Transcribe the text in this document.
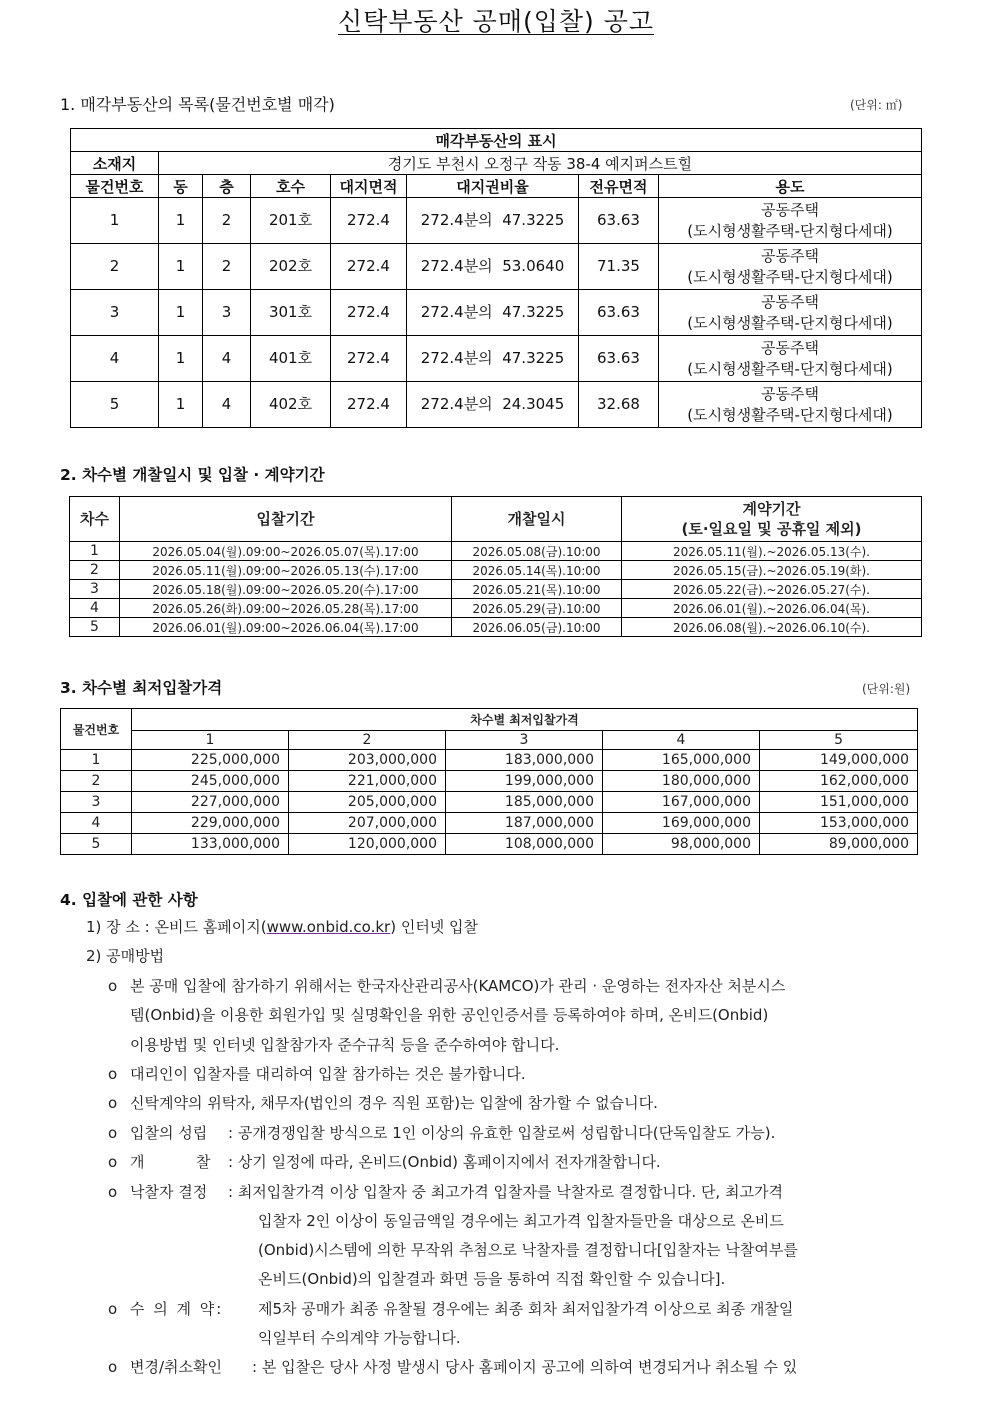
신탁부동산 공매(입찰) 공고
1. 매각부동산의 목록(물건번호별 매각)	(단위: ㎡)
매각부동산의 표시							
소재지	경기도 부천시 오정구 작동 38-4 예지퍼스트힐						
물건번호	동	층	호수	대지면적	대지권비율	전유면적	용도
1	1	2	201호	272.4	272.4분의  47.3225	63.63	공동주택
(도시형생활주택-단지형다세대)

2	1	2	202호	272.4	272.4분의  53.0640	71.35	공동주택
(도시형생활주택-단지형다세대)

3	1	3	301호	272.4	272.4분의  47.3225	63.63	공동주택
(도시형생활주택-단지형다세대)

4	1	4	401호	272.4	272.4분의  47.3225	63.63	공동주택
(도시형생활주택-단지형다세대)

5	1	4	402호	272.4	272.4분의  24.3045	32.68	공동주택
(도시형생활주택-단지형다세대)
2. 차수별 개찰일시 및 입찰 · 계약기간
차수	입찰기간	개찰일시	계약기간
(토·일요일 및 공휴일 제외)

1	2026.05.04(월).09:00~2026.05.07(목).17:00	2026.05.08(금).10:00	2026.05.11(월).~2026.05.13(수).
2	2026.05.11(월).09:00~2026.05.13(수).17:00	2026.05.14(목).10:00	2026.05.15(금).~2026.05.19(화).
3	2026.05.18(월).09:00~2026.05.20(수).17:00	2026.05.21(목).10:00	2026.05.22(금).~2026.05.27(수).
4	2026.05.26(화).09:00~2026.05.28(목).17:00	2026.05.29(금).10:00	2026.06.01(월).~2026.06.04(목).
5	2026.06.01(월).09:00~2026.06.04(목).17:00	2026.06.05(금).10:00	2026.06.08(월).~2026.06.10(수).
3. 차수별 최저입찰가격	(단위:원)
물건번호	차수별 최저입찰가격				
	1	2	3	4	5
1	225,000,000	203,000,000	183,000,000	165,000,000	149,000,000
2	245,000,000	221,000,000	199,000,000	180,000,000	162,000,000
3	227,000,000	205,000,000	185,000,000	167,000,000	151,000,000
4	229,000,000	207,000,000	187,000,000	169,000,000	153,000,000
5	133,000,000	120,000,000	108,000,000	98,000,000	89,000,000
4. 입찰에 관한 사항
1) 장 소 : 온비드 홈페이지(www.onbid.co.kr) 인터넷 입찰
2) 공매방법
ο 본 공매 입찰에 참가하기 위해서는 한국자산관리공사(KAMCO)가 관리 · 운영하는 전자자산 처분시스
템(Onbid)을 이용한 회원가입 및 실명확인을 위한 공인인증서를 등록하여야 하며, 온비드(Onbid)
이용방법 및 인터넷 입찰참가자 준수규칙 등을 준수하여야 합니다.
ο 대리인이 입찰자를 대리하여 입찰 참가하는 것은 불가합니다.
ο 신탁계약의 위탁자, 채무자(법인의 경우 직원 포함)는 입찰에 참가할 수 없습니다.
ο 입찰의 성립 : 공개경쟁입찰 방식으로 1인 이상의 유효한 입찰로써 성립합니다(단독입찰도 가능).
ο 개	찰 : 상기 일정에 따라, 온비드(Onbid) 홈페이지에서 전자개찰합니다.
ο 낙찰자 결정 : 최저입찰가격 이상 입찰자 중 최고가격 입찰자를 낙찰자로 결정합니다. 단, 최고가격
입찰자 2인 이상이 동일금액일 경우에는 최고가격 입찰자들만을 대상으로 온비드
(Onbid)시스템에 의한 무작위 추첨으로 낙찰자를 결정합니다[입찰자는 낙찰여부를
온비드(Onbid)의 입찰결과 화면 등을 통하여 직접 확인할 수 있습니다].
ο 수 의 계 약: 제5차 공매가 최종 유찰될 경우에는 최종 회차 최저입찰가격 이상으로 최종 개찰일
익일부터 수의계약 가능합니다.
ο 변경/취소확인 : 본 입찰은 당사 사정 발생시 당사 홈페이지 공고에 의하여 변경되거나 취소될 수 있
